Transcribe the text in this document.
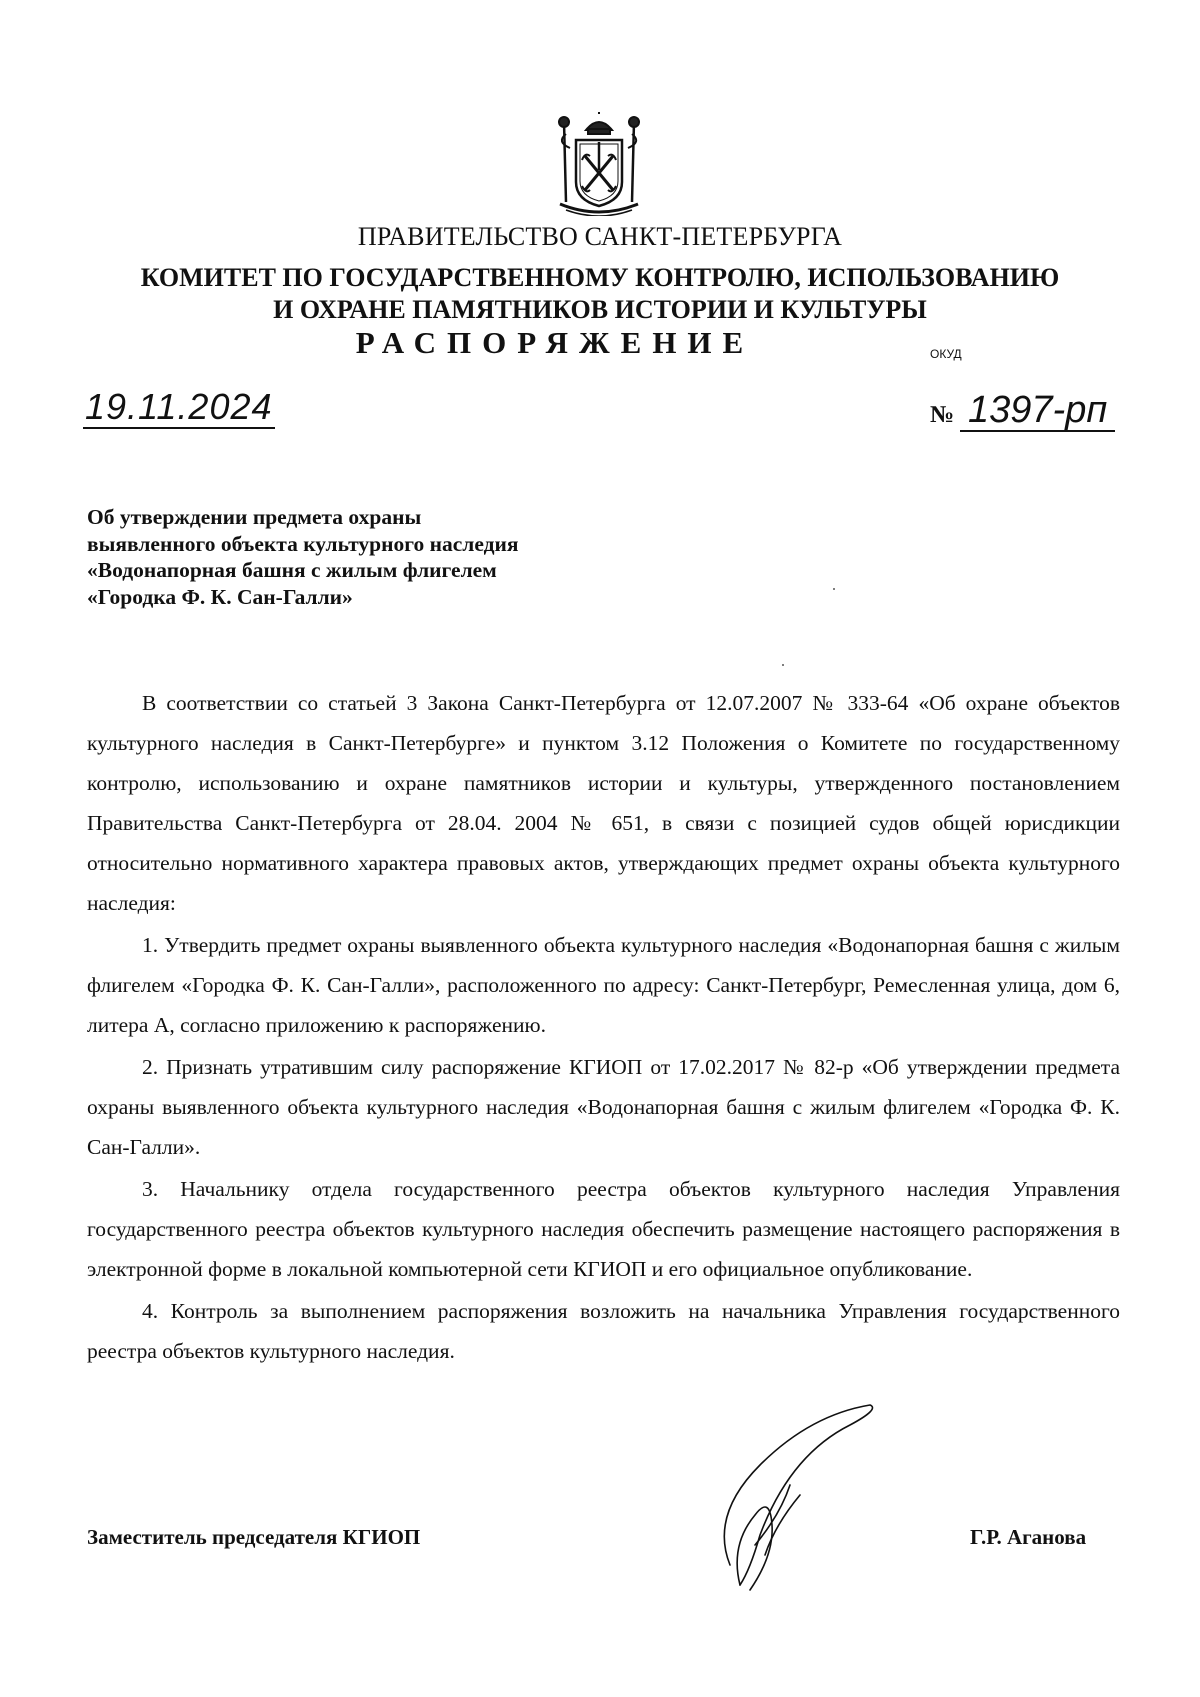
ПРАВИТЕЛЬСТВО САНКТ-ПЕТЕРБУРГА
КОМИТЕТ ПО ГОСУДАРСТВЕННОМУ КОНТРОЛЮ, ИСПОЛЬЗОВАНИЮ
И ОХРАНЕ ПАМЯТНИКОВ ИСТОРИИ И КУЛЬТУРЫ
РАСПОРЯЖЕНИЕ	ОКУД
19.11.2024	№ 1397-рп
Об утверждении предмета охраны
выявленного объекта культурного наследия
«Водонапорная башня с жилым флигелем
«Городка Ф. К. Сан-Галли»

В соответствии со статьей 3 Закона Санкт-Петербурга от 12.07.2007 № 333-64 «Об охране объектов культурного наследия в Санкт-Петербурге» и пунктом 3.12 Положения о Комитете по государственному контролю, использованию и охране памятников истории и культуры, утвержденного постановлением Правительства Санкт-Петербурга от 28.04. 2004 № 651, в связи с позицией судов общей юрисдикции относительно нормативного характера правовых актов, утверждающих предмет охраны объекта культурного наследия:

1. Утвердить предмет охраны выявленного объекта культурного наследия «Водонапорная башня с жилым флигелем «Городка Ф. К. Сан-Галли», расположенного по адресу: Санкт-Петербург, Ремесленная улица, дом 6, литера А, согласно приложению к распоряжению.

2. Признать утратившим силу распоряжение КГИОП от 17.02.2017 № 82-р «Об утверждении предмета охраны выявленного объекта культурного наследия «Водонапорная башня с жилым флигелем «Городка Ф. К. Сан-Галли».

3. Начальнику отдела государственного реестра объектов культурного наследия Управления государственного реестра объектов культурного наследия обеспечить размещение настоящего распоряжения в электронной форме в локальной компьютерной сети КГИОП и его официальное опубликование.

4. Контроль за выполнением распоряжения возложить на начальника Управления государственного реестра объектов культурного наследия.

Заместитель председателя КГИОП	Г.Р. Аганова
